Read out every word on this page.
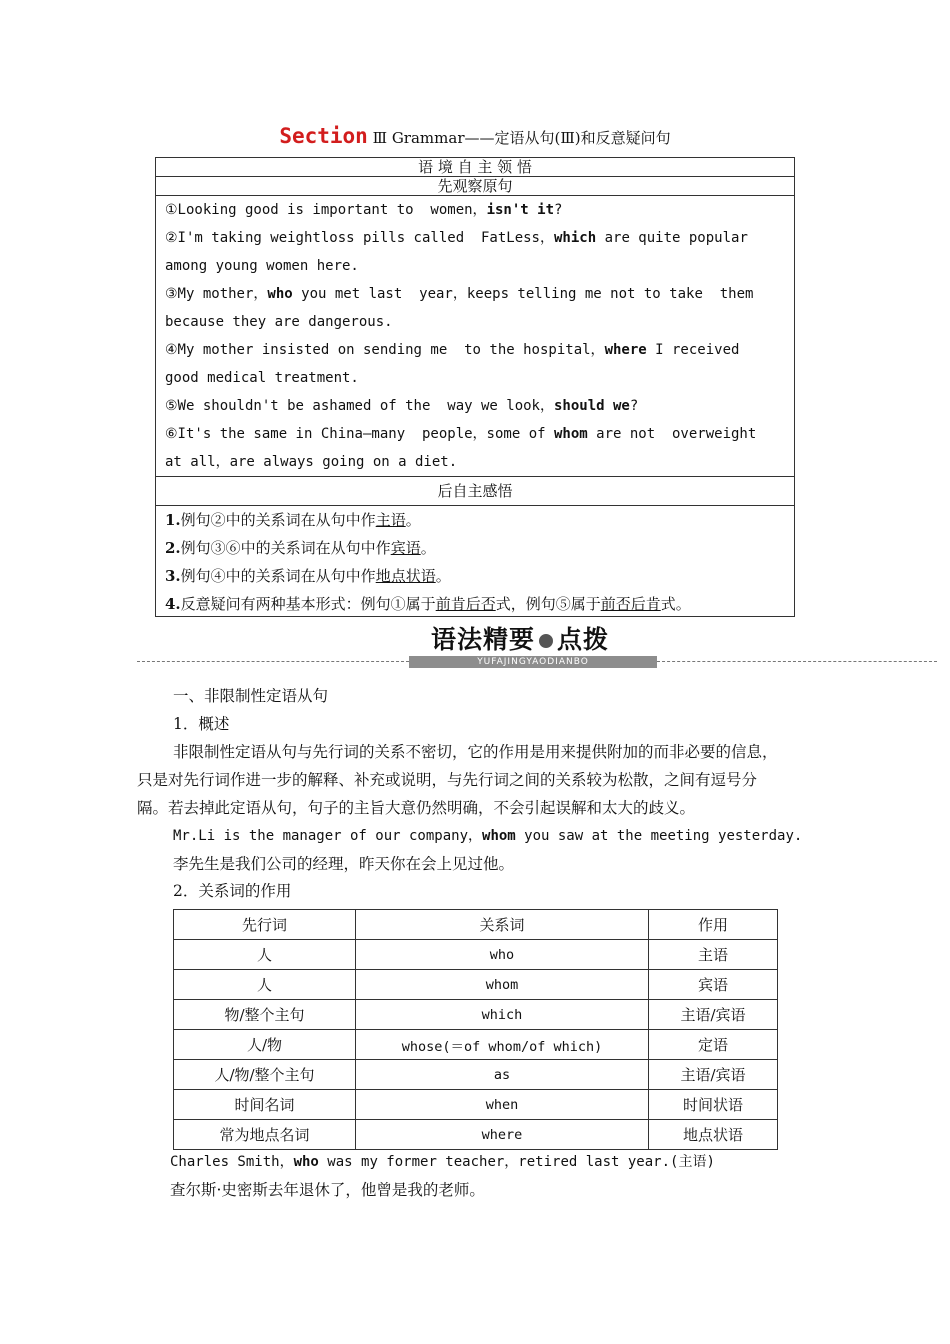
Section Ⅲ Grammar——定语从句(Ⅲ)和反意疑问句
语 境 自 主 领 悟
先观察原句
①Looking good is important to  women，isn't it?
②I'm taking weightloss pills called  FatLess，which are quite popular
among young women here.
③My mother，who you met last  year，keeps telling me not to take  them
because they are dangerous.
④My mother insisted on sending me  to the hospital，where I received
good medical treatment.
⑤We shouldn't be ashamed of the  way we look，should we?
⑥It's the same in China—many  people，some of whom are not  overweight
at all，are always going on a diet.
后自主感悟
1.例句②中的关系词在从句中作主语。
2.例句③⑥中的关系词在从句中作宾语。
3.例句④中的关系词在从句中作地点状语。
4.反意疑问有两种基本形式：例句①属于前肯后否式，例句⑤属于前否后肯式。
语法精要 点拨
YUFAJINGYAODIANBO
一、非限制性定语从句
1．概述
非限制性定语从句与先行词的关系不密切，它的作用是用来提供附加的而非必要的信息，
只是对先行词作进一步的解释、补充或说明，与先行词之间的关系较为松散，之间有逗号分
隔。若去掉此定语从句，句子的主旨大意仍然明确，不会引起误解和太大的歧义。
Mr.Li is the manager of our company，whom you saw at the meeting yesterday.
李先生是我们公司的经理，昨天你在会上见过他。
2．关系词的作用
先行词	关系词	作用
人	who	主语
人	whom	宾语
物/整个主句	which	主语/宾语
人/物	whose(＝of whom/of which)	定语
人/物/整个主句	as	主语/宾语
时间名词	when	时间状语
常为地点名词	where	地点状语
Charles Smith，who was my former teacher，retired last year.(主语)
查尔斯·史密斯去年退休了，他曾是我的老师。
